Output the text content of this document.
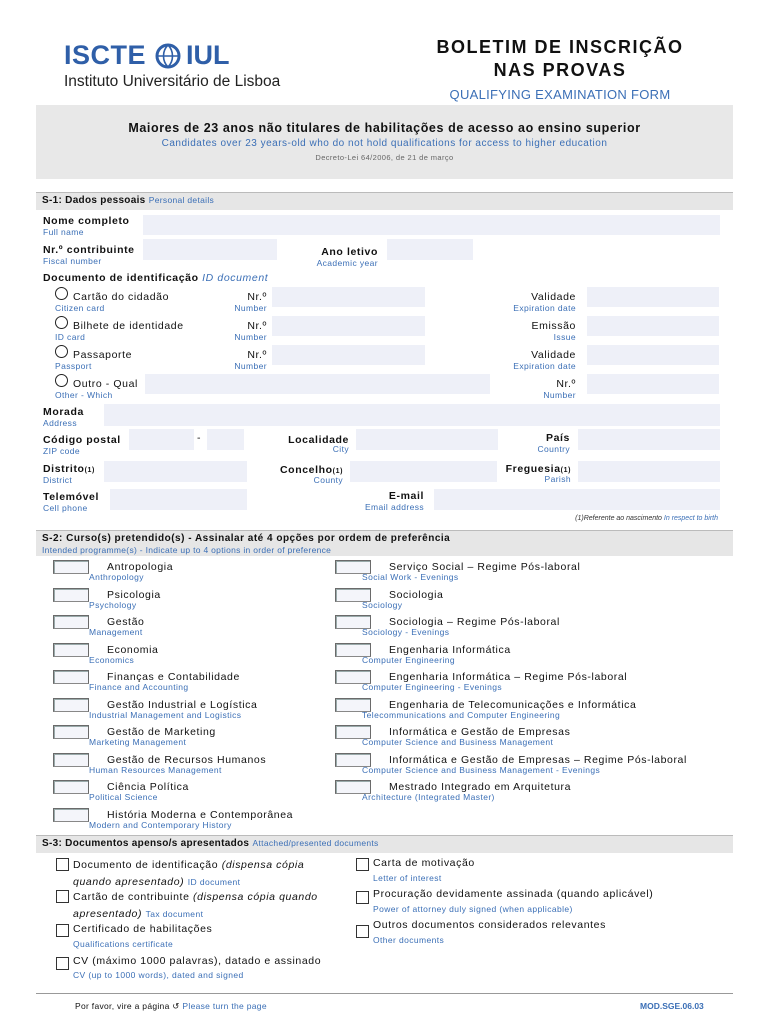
ISCTE IUL
Instituto Universitário de Lisboa
BOLETIM DE INSCRIÇÃO
NAS PROVAS
QUALIFYING EXAMINATION FORM
Maiores de 23 anos não titulares de habilitações de acesso ao ensino superior
Candidates over 23 years-old who do not hold qualifications for access to higher education
Decreto-Lei 64/2006, de 21 de março
S-1: Dados pessoais Personal details
Nome completo
Full name
Nr.º contribuinte
Fiscal number
Ano letivo
Academic year
Documento de identificação ID document
Cartão do cidadão
Citizen card
Nr.º
Number
Validade
Expiration date
Bilhete de identidade
ID card
Nr.º
Number
Emissão
Issue
Passaporte
Passport
Nr.º
Number
Validade
Expiration date
Outro - Qual
Other - Which
Nr.º
Number
Morada
Address
Código postal
ZIP code
-	Localidade
City
País
Country
Distrito(1)
District
Concelho(1)
County
Freguesia(1)
Parish
Telemóvel
Cell phone
E-mail
Email address
(1)Referente ao nascimento In respect to birth
S-2: Curso(s) pretendido(s) - Assinalar até 4 opções por ordem de preferência
Intended programme(s) - Indicate up to 4 options in order of preference
Antropologia
Anthropology
Psicologia
Psychology
Gestão
Management
Economia
Economics
Finanças e Contabilidade
Finance and Accounting
Gestão Industrial e Logística
Industrial Management and Logistics
Gestão de Marketing
Marketing Management
Gestão de Recursos Humanos
Human Resources Management
Ciência Política
Political Science
História Moderna e Contemporânea
Modern and Contemporary History
Serviço Social – Regime Pós-laboral
Social Work - Evenings
Sociologia
Sociology
Sociologia – Regime Pós-laboral
Sociology - Evenings
Engenharia Informática
Computer Engineering
Engenharia Informática – Regime Pós-laboral
Computer Engineering - Evenings
Engenharia de Telecomunicações e Informática
Telecommunications and Computer Engineering
Informática e Gestão de Empresas
Computer Science and Business Management
Informática e Gestão de Empresas – Regime Pós-laboral
Computer Science and Business Management - Evenings
Mestrado Integrado em Arquitetura
Architecture (Integrated Master)
S-3: Documentos apenso/s apresentados Attached/presented documents
Documento de identificação (dispensa cópia
quando apresentado) ID document
Cartão de contribuinte (dispensa cópia quando
apresentado) Tax document
Certificado de habilitações
Qualifications certificate
CV (máximo 1000 palavras), datado e assinado
CV (up to 1000 words), dated and signed
Carta de motivação
Letter of interest
Procuração devidamente assinada (quando aplicável)
Power of attorney duly signed (when applicable)
Outros documentos considerados relevantes
Other documents
Por favor, vire a página ↺ Please turn the page	MOD.SGE.06.03
